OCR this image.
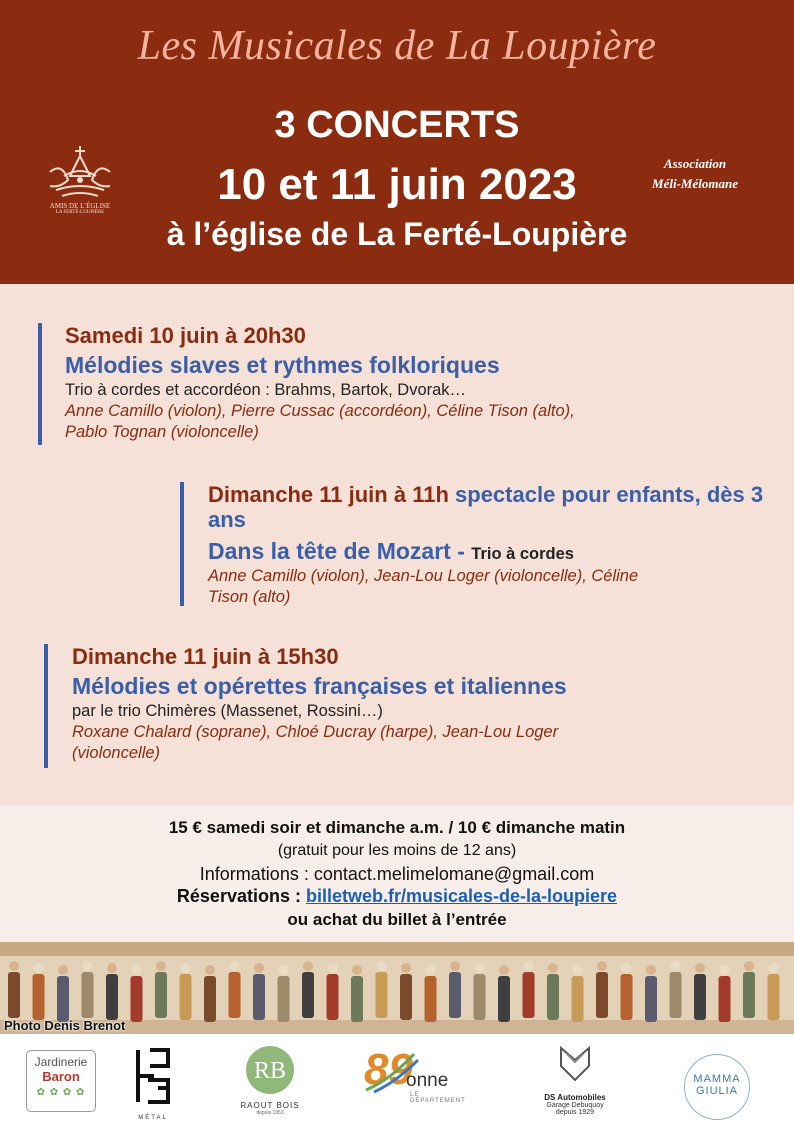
Les Musicales de La Loupière
3 CONCERTS
10 et 11 juin 2023
à l’église de La Ferté-Loupière
AMIS DE L’ÉGLISE
LA FERTÉ-LOUPIÈRE
Association
Méli-Mélomane
Samedi 10 juin à 20h30
Mélodies slaves et rythmes folkloriques
Trio à cordes et accordéon : Brahms, Bartok, Dvorak…
Anne Camillo (violon), Pierre Cussac (accordéon), Céline Tison (alto),
Pablo Tognan (violoncelle)
Dimanche 11 juin à 11h spectacle pour enfants, dès 3 ans
Dans la tête de Mozart - Trio à cordes
Anne Camillo (violon), Jean-Lou Loger (violoncelle), Céline
Tison (alto)
Dimanche 11 juin à 15h30
Mélodies et opérettes françaises et italiennes
par le trio Chimères (Massenet, Rossini…)
Roxane Chalard (soprane), Chloé Ducray (harpe), Jean-Lou Loger
(violoncelle)
15 € samedi soir et dimanche a.m. / 10 € dimanche matin
(gratuit pour les moins de 12 ans)
Informations : contact.melimelomane@gmail.com
Réservations : billetweb.fr/musicales-de-la-loupiere
ou achat du billet à l’entrée
Photo Denis Brenot
Jardinerie
Baron
✿ ✿ ✿ ✿
MÉTAL
RB
RAOUT BOIS
depuis 1953
89
onne
LE DÉPARTEMENT	DS Automobiles
Garage Debuquoy
depuis 1929
MAMMA
GIULIA
